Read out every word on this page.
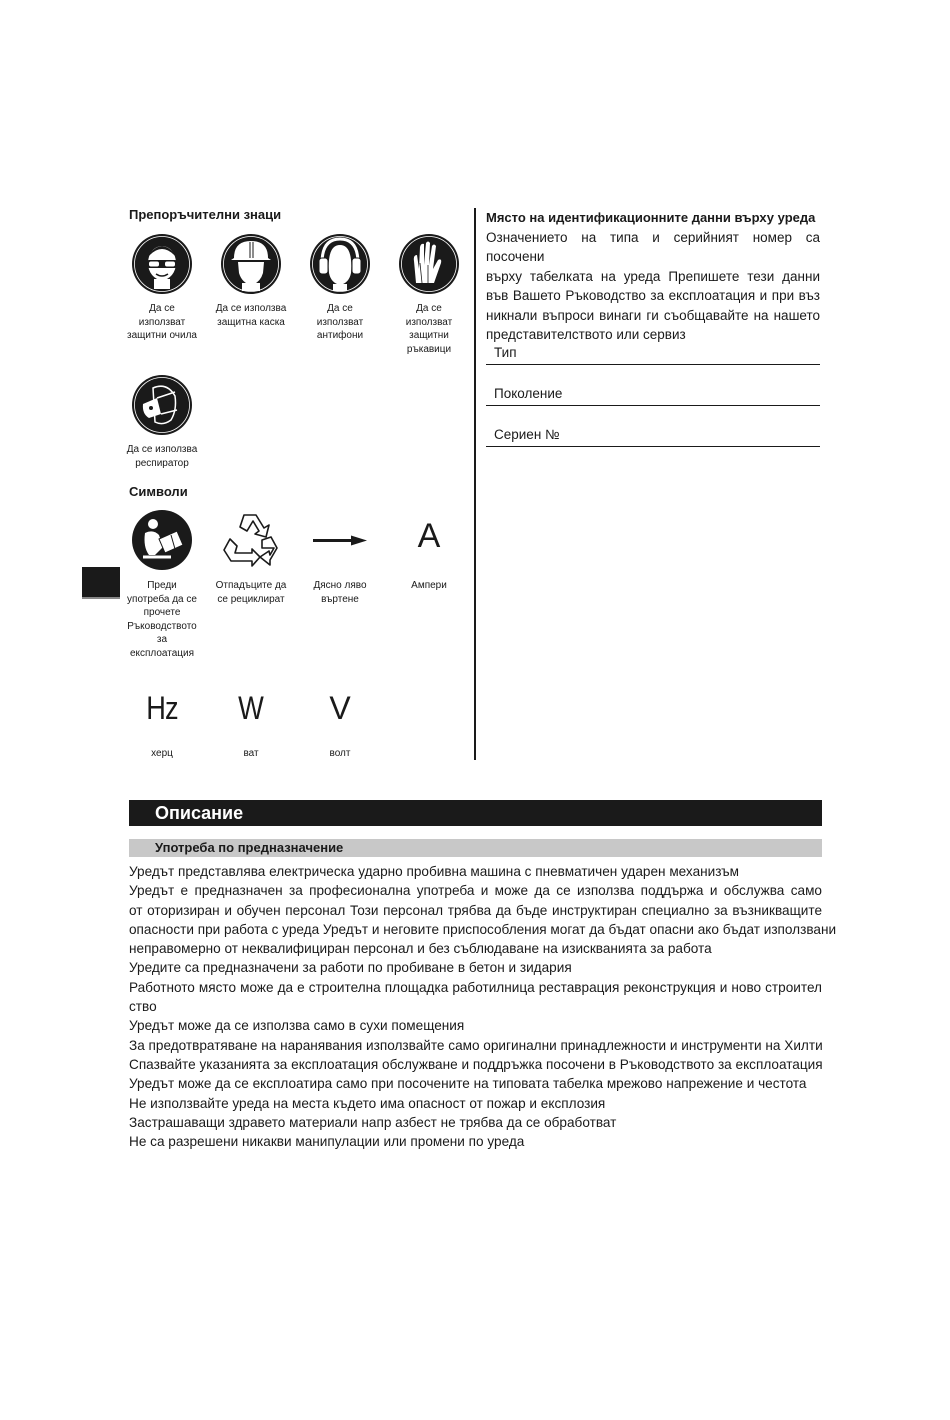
Препоръчителни знаци
Да се
използват
защитни очила
Да се използва
защитна каска
Да се
използват
антифони
Да се
използват
защитни
ръкавици
Да се използва
респиратор
Символи
Преди
употреба да се
прочете
Ръководството
за
експлоатация
Отпадъците да
се рециклират
Дясно ляво
въртене
A
Ампери
Hz
херц
W
ват
V
волт
Място на идентификационните данни върху уреда
Означението на типа и серийният номер са посочени
върху табелката на уреда Препишете тези данни
във Вашето Ръководство за експлоатация и при въз
никнали въпроси винаги ги съобщавайте на нашето
представителството или сервиз
Тип
Поколение
Сериен №
Описание
Употреба по предназначение
Уредът представлява електрическа ударно пробивна машина с пневматичен ударен механизъм
Уредът е предназначен за професионална употреба и може да се използва поддържа и обслужва само
от оторизиран и обучен персонал Този персонал трябва да бъде инструктиран специално за възникващите
опасности при работа с уреда Уредът и неговите приспособления могат да бъдат опасни ако бъдат използвани
неправомерно от неквалифициран персонал и без съблюдаване на изискванията за работа
Уредите са предназначени за работи по пробиване в бетон и зидария
Работното място може да е строителна площадка работилница реставрация реконструкция и ново строител
ство
Уредът може да се използва само в сухи помещения
За предотвратяване на наранявания използвайте само оригинални принадлежности и инструменти на Хилти
Спазвайте указанията за експлоатация обслужване и поддръжка посочени в Ръководството за експлоатация
Уредът може да се експлоатира само при посочените на типовата табелка мрежово напрежение и честота
Не използвайте уреда на места където има опасност от пожар и експлозия
Застрашаващи здравето материали напр азбест не трябва да се обработват
Не са разрешени никакви манипулации или промени по уреда
